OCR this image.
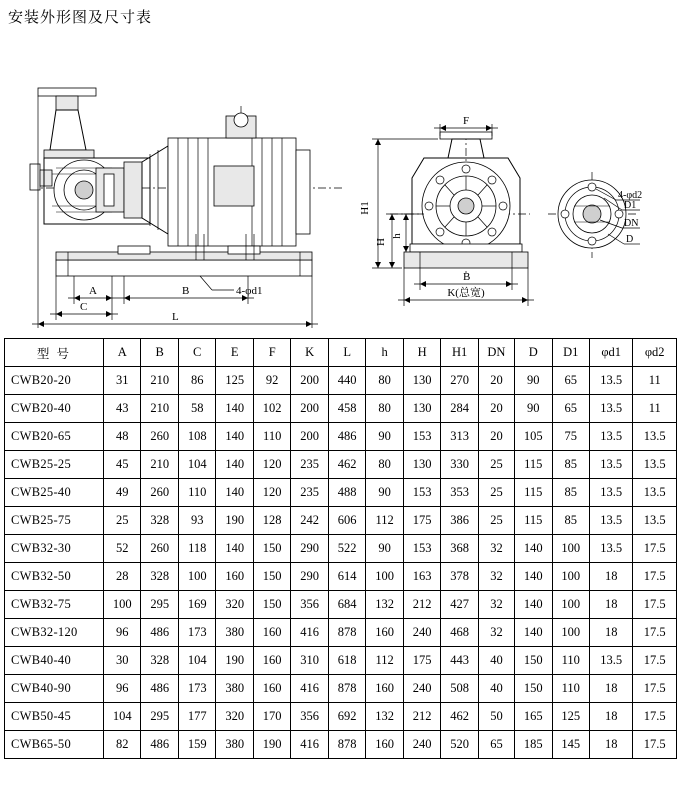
安装外形图及尺寸表
4-φd1
A	B
C
L
F
H1
H
h
B
K(总宽)
4-φd2
D1
DN
D
型 号	A	B	C	E	F	K	L	h	H	H1	DN	D	D1	φd1	φd2
CWB20-20	31	210	86	125	92	200	440	80	130	270	20	90	65	13.5	11
CWB20-40	43	210	58	140	102	200	458	80	130	284	20	90	65	13.5	11
CWB20-65	48	260	108	140	110	200	486	90	153	313	20	105	75	13.5	13.5
CWB25-25	45	210	104	140	120	235	462	80	130	330	25	115	85	13.5	13.5
CWB25-40	49	260	110	140	120	235	488	90	153	353	25	115	85	13.5	13.5
CWB25-75	25	328	93	190	128	242	606	112	175	386	25	115	85	13.5	13.5
CWB32-30	52	260	118	140	150	290	522	90	153	368	32	140	100	13.5	17.5
CWB32-50	28	328	100	160	150	290	614	100	163	378	32	140	100	18	17.5
CWB32-75	100	295	169	320	150	356	684	132	212	427	32	140	100	18	17.5
CWB32-120	96	486	173	380	160	416	878	160	240	468	32	140	100	18	17.5
CWB40-40	30	328	104	190	160	310	618	112	175	443	40	150	110	13.5	17.5
CWB40-90	96	486	173	380	160	416	878	160	240	508	40	150	110	18	17.5
CWB50-45	104	295	177	320	170	356	692	132	212	462	50	165	125	18	17.5
CWB65-50	82	486	159	380	190	416	878	160	240	520	65	185	145	18	17.5
